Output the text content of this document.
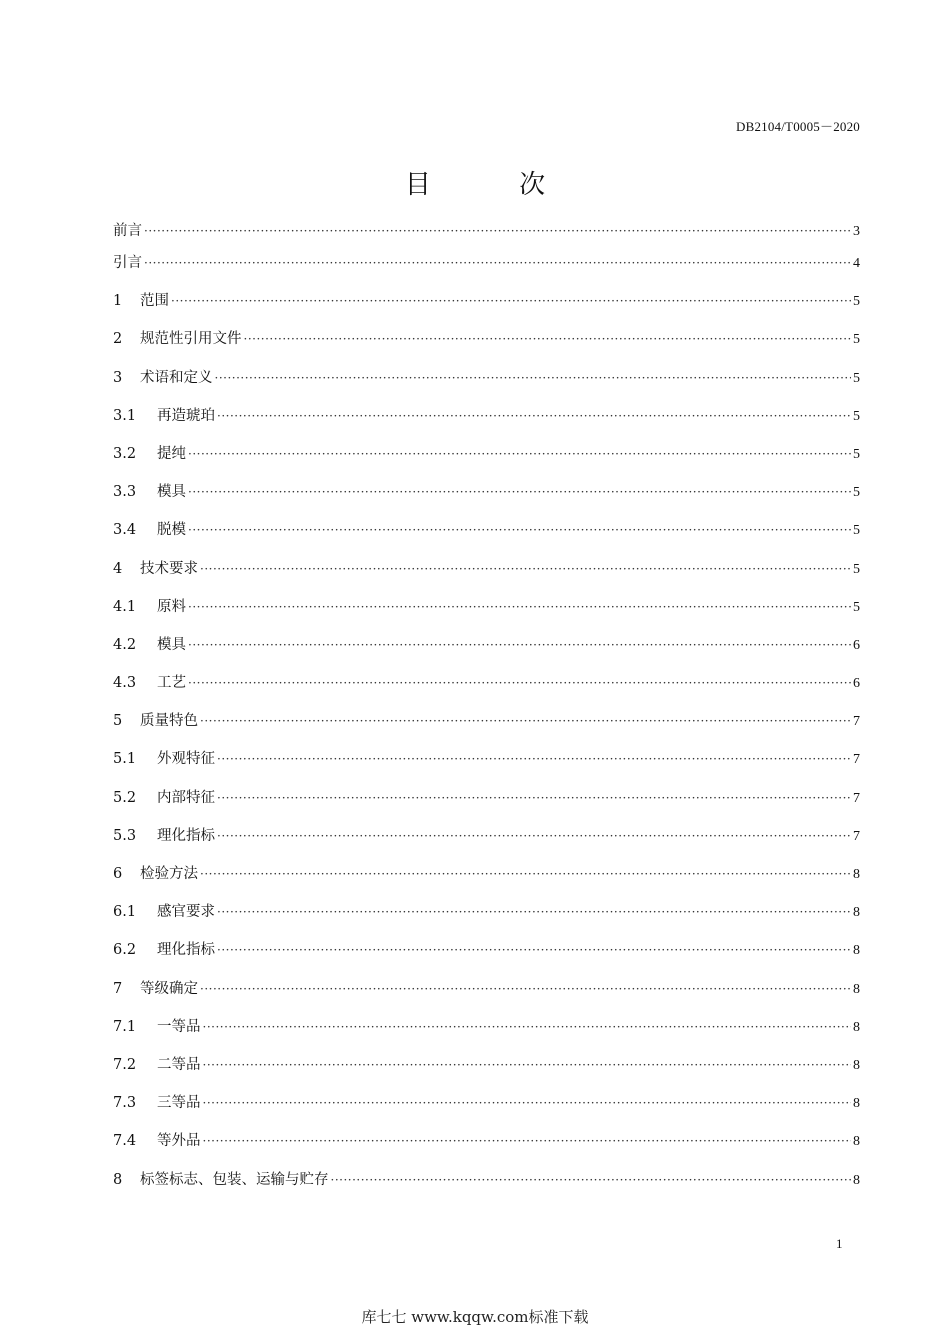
DB2104/T0005－2020
目 次
前言 ·····	3
引言 ·····	4
1	范围 ·····	5
2	规范性引用文件 ·····	5
3	术语和定义 ·····	5
3.1	再造琥珀 ·····	5
3.2	提纯 ·····	5
3.3	模具 ·····	5
3.4	脱模 ·····	5
4	技术要求 ·····	5
4.1	原料 ·····	5
4.2	模具 ·····	6
4.3	工艺 ·····	6
5	质量特色 ·····	7
5.1	外观特征 ·····	7
5.2	内部特征 ·····	7
5.3	理化指标 ·····	7
6	检验方法 ·····	8
6.1	感官要求 ·····	8
6.2	理化指标 ·····	8
7	等级确定 ·····	8
7.1	一等品 ·····	8
7.2	二等品 ·····	8
7.3	三等品 ·····	8
7.4	等外品 ·····	8
8	标签标志、包装、运输与贮存 ·····	8
1
库七七 www.kqqw.com标准下载
